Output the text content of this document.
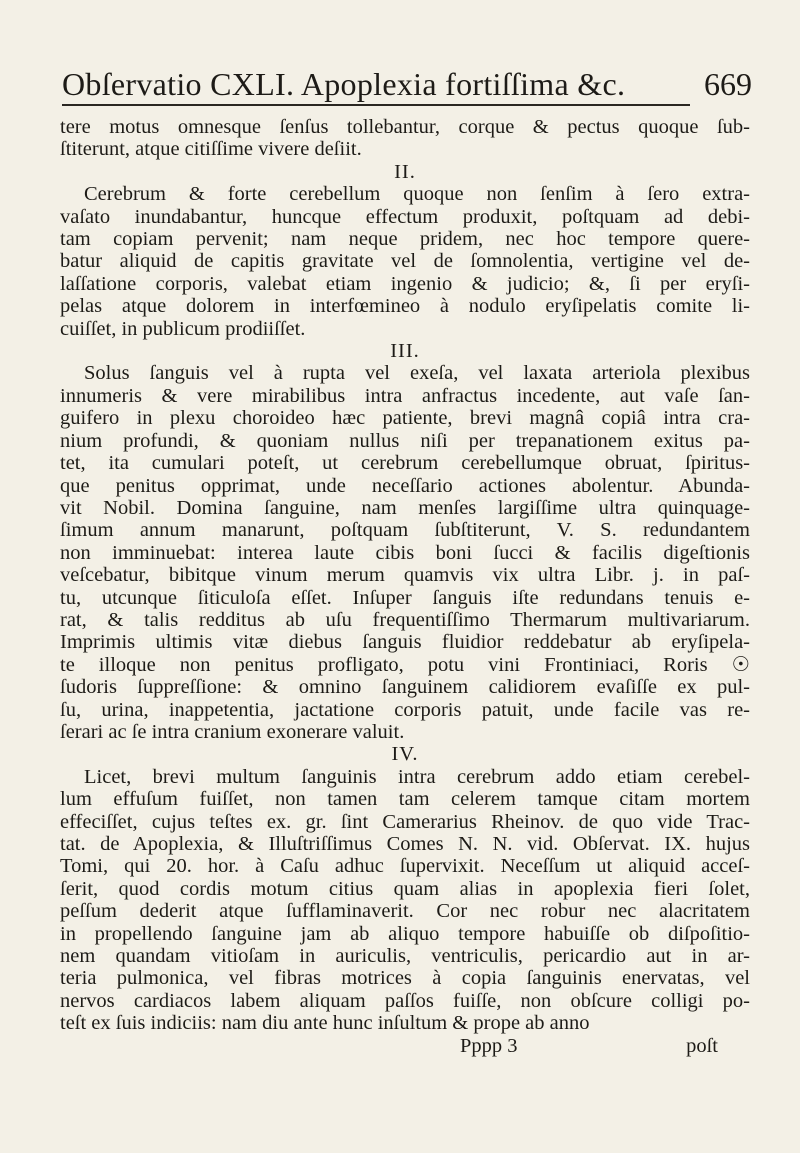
Obſervatio CXLI. Apoplexia fortiſſima &c. 669
tere motus omnesque ſenſus tollebantur, corque & pectus quoque ſub-
ſtiterunt, atque citiſſime vivere deſiit.
II.
Cerebrum & forte cerebellum quoque non ſenſim à ſero extra-
vaſato inundabantur, huncque effectum produxit, poſtquam ad debi-
tam copiam pervenit; nam neque pridem, nec hoc tempore quere-
batur aliquid de capitis gravitate vel de ſomnolentia, vertigine vel de-
laſſatione corporis, valebat etiam ingenio & judicio; &, ſi per eryſi-
pelas atque dolorem in interfœmineo à nodulo eryſipelatis comite li-
cuiſſet, in publicum prodiiſſet.
III.
Solus ſanguis vel à rupta vel exeſa, vel laxata arteriola plexibus
innumeris & vere mirabilibus intra anfractus incedente, aut vaſe ſan-
guifero in plexu choroideo hæc patiente, brevi magnâ copiâ intra cra-
nium profundi, & quoniam nullus niſi per trepanationem exitus pa-
tet, ita cumulari poteſt, ut cerebrum cerebellumque obruat, ſpiritus-
que penitus opprimat, unde neceſſario actiones abolentur. Abunda-
vit Nobil. Domina ſanguine, nam menſes largiſſime ultra quinquage-
ſimum annum manarunt, poſtquam ſubſtiterunt, V. S. redundantem
non imminuebat: interea laute cibis boni ſucci & facilis digeſtionis
veſcebatur, bibitque vinum merum quamvis vix ultra Libr. j. in paſ-
tu, utcunque ſiticuloſa eſſet. Inſuper ſanguis iſte redundans tenuis e-
rat, & talis redditus ab uſu frequentiſſimo Thermarum multivariarum.
Imprimis ultimis vitæ diebus ſanguis fluidior reddebatur ab eryſipela-
te illoque non penitus profligato, potu vini Frontiniaci, Roris ☉
ſudoris ſuppreſſione: & omnino ſanguinem calidiorem evaſiſſe ex pul-
ſu, urina, inappetentia, jactatione corporis patuit, unde facile vas re-
ſerari ac ſe intra cranium exonerare valuit.
IV.
Licet, brevi multum ſanguinis intra cerebrum addo etiam cerebel-
lum effuſum fuiſſet, non tamen tam celerem tamque citam mortem
effeciſſet, cujus teſtes ex. gr. ſint Camerarius Rheinov. de quo vide Trac-
tat. de Apoplexia, & Illuſtriſſimus Comes N. N. vid. Obſervat. IX. hujus
Tomi, qui 20. hor. à Caſu adhuc ſupervixit. Neceſſum ut aliquid acceſ-
ſerit, quod cordis motum citius quam alias in apoplexia fieri ſolet,
peſſum dederit atque ſufflaminaverit. Cor nec robur nec alacritatem
in propellendo ſanguine jam ab aliquo tempore habuiſſe ob diſpoſitio-
nem quandam vitioſam in auriculis, ventriculis, pericardio aut in ar-
teria pulmonica, vel fibras motrices à copia ſanguinis enervatas, vel
nervos cardiacos labem aliquam paſſos fuiſſe, non obſcure colligi po-
teſt ex ſuis indiciis: nam diu ante hunc inſultum & prope ab anno
Pppp 3	poſt
